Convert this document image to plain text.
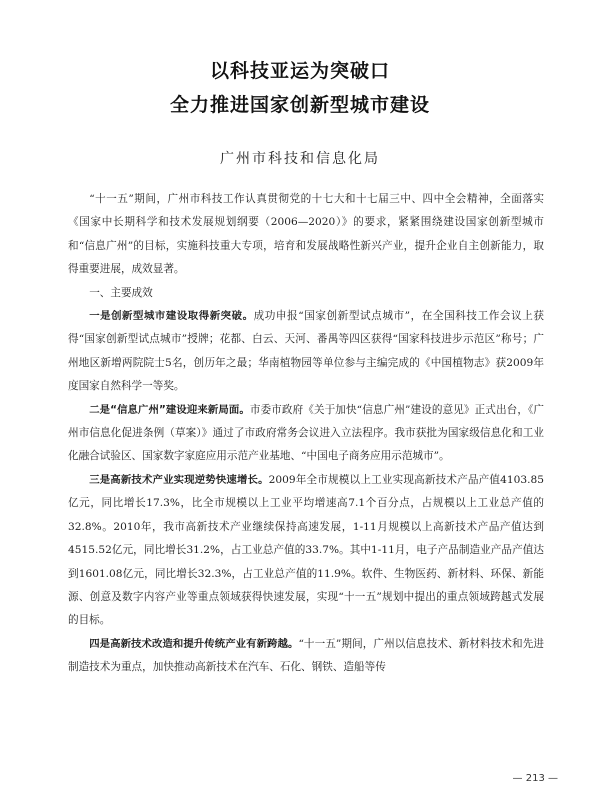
以科技亚运为突破口
全力推进国家创新型城市建设
广州市科技和信息化局

“十一五”期间，广州市科技工作认真贯彻党的十七大和十七届三中、四中全会精神，全面落实《国家中长期科学和技术发展规划纲要（2006—2020）》的要求，紧紧围绕建设国家创新型城市和“信息广州”的目标，实施科技重大专项，培育和发展战略性新兴产业，提升企业自主创新能力，取得重要进展，成效显著。

一、主要成效

一是创新型城市建设取得新突破。成功申报“国家创新型试点城市”，在全国科技工作会议上获得“国家创新型试点城市”授牌；花都、白云、天河、番禺等四区获得“国家科技进步示范区”称号；广州地区新增两院院士5名，创历年之最；华南植物园等单位参与主编完成的《中国植物志》获2009年度国家自然科学一等奖。

二是“信息广州”建设迎来新局面。市委市政府《关于加快“信息广州”建设的意见》正式出台，《广州市信息化促进条例（草案）》通过了市政府常务会议进入立法程序。我市获批为国家级信息化和工业化融合试验区、国家数字家庭应用示范产业基地、“中国电子商务应用示范城市”。

三是高新技术产业实现逆势快速增长。2009年全市规模以上工业实现高新技术产品产值4103.85亿元，同比增长17.3%，比全市规模以上工业平均增速高7.1个百分点，占规模以上工业总产值的32.8%。2010年，我市高新技术产业继续保持高速发展，1-11月规模以上高新技术产品产值达到4515.52亿元，同比增长31.2%，占工业总产值的33.7%。其中1-11月，电子产品制造业产品产值达到1601.08亿元，同比增长32.3%，占工业总产值的11.9%。软件、生物医药、新材料、环保、新能源、创意及数字内容产业等重点领域获得快速发展，实现“十一五”规划中提出的重点领域跨越式发展的目标。

四是高新技术改造和提升传统产业有新跨越。“十一五”期间，广州以信息技术、新材料技术和先进制造技术为重点，加快推动高新技术在汽车、石化、钢铁、造船等传

— 213 —
